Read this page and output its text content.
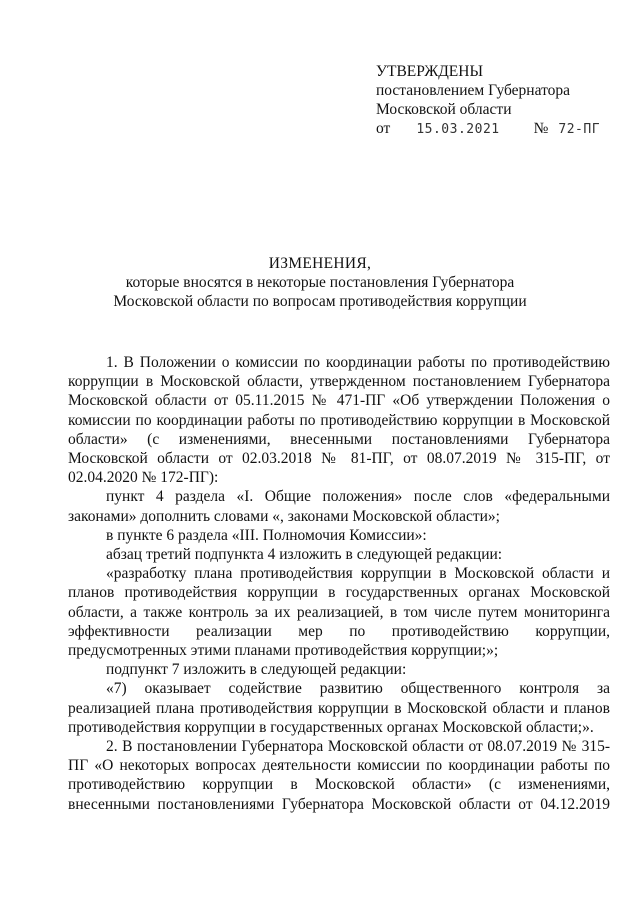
УТВЕРЖДЕНЫ
постановлением Губернатора
Московской области
от 15.03.2021 № 72-ПГ
ИЗМЕНЕНИЯ,
которые вносятся в некоторые постановления Губернатора
Московской области по вопросам противодействия коррупции

1. В Положении о комиссии по координации работы по противодействию коррупции в Московской области, утвержденном постановлением Губернатора Московской области от 05.11.2015 № 471-ПГ «Об утверждении Положения о комиссии по координации работы по противодействию коррупции в Московской области» (с изменениями, внесенными постановлениями Губернатора Московской области от 02.03.2018 № 81-ПГ, от 08.07.2019 № 315-ПГ, от 02.04.2020 № 172-ПГ):

пункт 4 раздела «I. Общие положения» после слов «федеральными законами» дополнить словами «, законами Московской области»;

в пункте 6 раздела «III. Полномочия Комиссии»:

абзац третий подпункта 4 изложить в следующей редакции:

«разработку плана противодействия коррупции в Московской области и планов противодействия коррупции в государственных органах Московской области, а также контроль за их реализацией, в том числе путем мониторинга эффективности реализации мер по противодействию коррупции, предусмотренных этими планами противодействия коррупции;»;

подпункт 7 изложить в следующей редакции:

«7) оказывает содействие развитию общественного контроля за реализацией плана противодействия коррупции в Московской области и планов противодействия коррупции в государственных органах Московской области;».

2. В постановлении Губернатора Московской области от 08.07.2019 № 315-ПГ «О некоторых вопросах деятельности комиссии по координации работы по противодействию коррупции в Московской области» (с изменениями, внесенными постановлениями Губернатора Московской области от 04.12.2019
